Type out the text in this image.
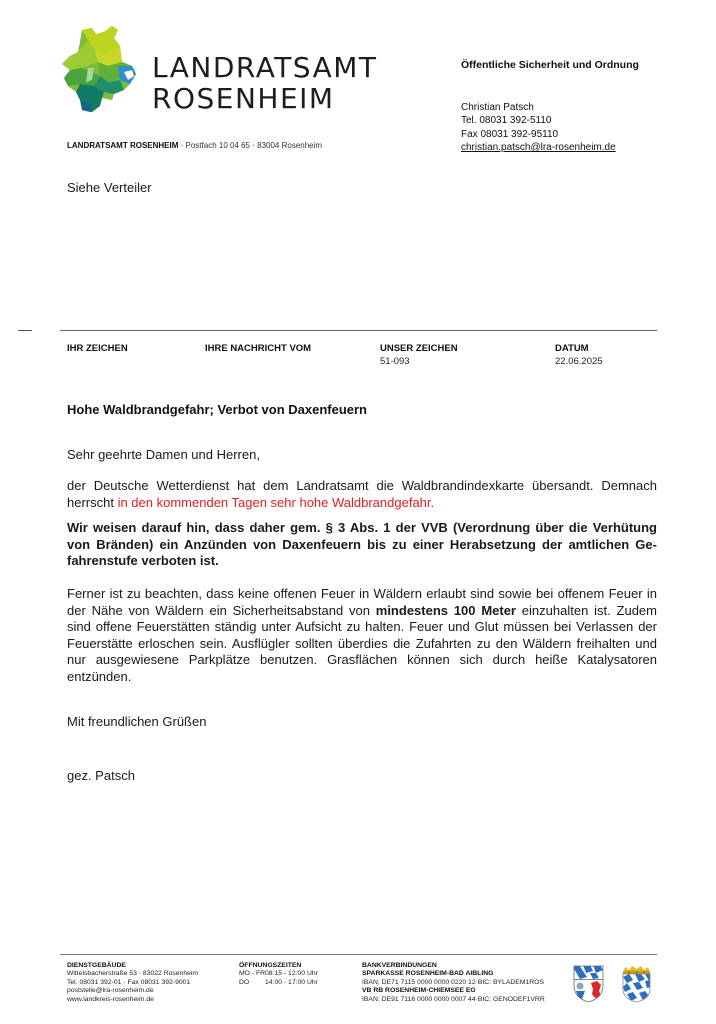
LANDRATSAMT
ROSENHEIM
LANDRATSAMT ROSENHEIM · Postfach 10 04 65 · 83004 Rosenheim
Öffentliche Sicherheit und Ordnung
Christian Patsch
Tel. 08031 392-5110
Fax 08031 392-95110
christian.patsch@lra-rosenheim.de
Siehe Verteiler
IHR ZEICHEN	IHRE NACHRICHT VOM	UNSER ZEICHEN
51-093
DATUM
22.06.2025
Hohe Waldbrandgefahr; Verbot von Daxenfeuern
Sehr geehrte Damen und Herren,
der Deutsche Wetterdienst hat dem Landratsamt die Waldbrandindexkarte übersandt. Demnach herrscht in den kommenden Tagen sehr hohe Waldbrandgefahr.
Wir weisen darauf hin, dass daher gem. § 3 Abs. 1 der VVB (Verordnung über die Verhütung von Bränden) ein Anzünden von Daxenfeuern bis zu einer Herabsetzung der amtlichen Gefahrenstufe verboten ist.
Ferner ist zu beachten, dass keine offenen Feuer in Wäldern erlaubt sind sowie bei offenem Feuer in der Nähe von Wäldern ein Sicherheitsabstand von mindestens 100 Meter einzuhalten ist. Zudem sind offene Feuerstätten ständig unter Aufsicht zu halten. Feuer und Glut müssen bei Verlassen der Feuerstätte erloschen sein. Ausflügler sollten überdies die Zufahrten zu den Wäldern freihalten und nur ausgewiesene Parkplätze benutzen. Grasflächen können sich durch heiße Katalysatoren entzünden.
Mit freundlichen Grüßen
gez. Patsch
DIENSTGEBÄUDE
Wittelsbacherstraße 53 · 83022 Rosenheim
Tel. 08031 392-01 · Fax 08031 392-9001
poststelle@lra-rosenheim.de
www.landkreis-rosenheim.de
ÖFFNUNGSZEITEN
MO - FR08:15 - 12:00 Uhr
DO 14:00 - 17:00 Uhr
BANKVERBINDUNGEN
SPARKASSE ROSENHEIM-BAD AIBLING
IBAN: DE71 7115 0000 0000 0220 12·BIC: BYLADEM1ROS
VB RB ROSENHEIM-CHIEMSEE EG
IBAN: DE91 7116 0000 0000 0007 44·BIC: GENODEF1VRR
